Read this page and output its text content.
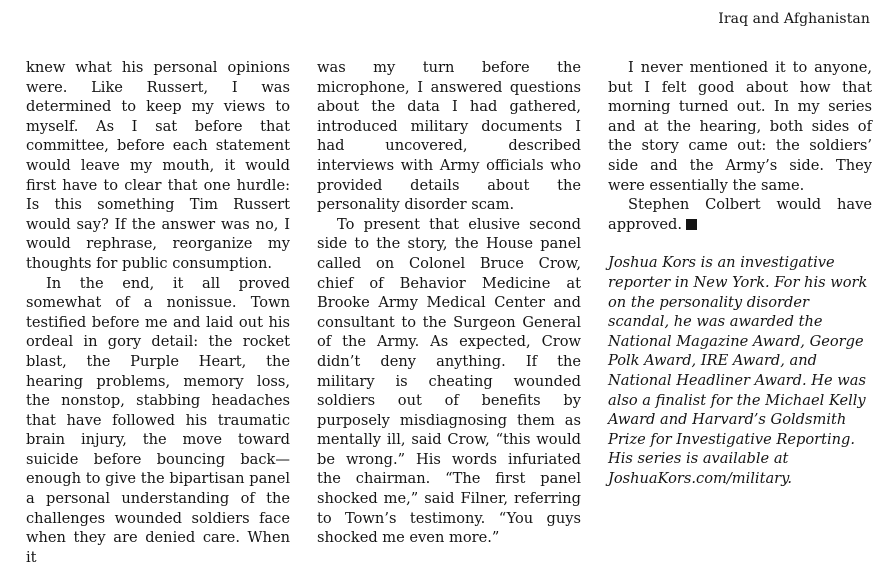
Iraq and Afghanistan

knew what his personal opinions were. Like Russert, I was determined to keep my views to myself. As I sat before that committee, before each statement would leave my mouth, it would first have to clear that one hurdle: Is this something Tim Russert would say? If the answer was no, I would rephrase, reorganize my thoughts for public consumption.

In the end, it all proved somewhat of a nonissue. Town testified before me and laid out his ordeal in gory detail: the rocket blast, the Purple Heart, the hearing problems, memory loss, the nonstop, stabbing headaches that have followed his traumatic brain injury, the move toward suicide before bouncing back—enough to give the bipartisan panel a personal understanding of the challenges wounded soldiers face when they are denied care. When it

was my turn before the microphone, I answered questions about the data I had gathered, introduced military documents I had uncovered, described interviews with Army officials who provided details about the personality disorder scam.

To present that elusive second side to the story, the House panel called on Colonel Bruce Crow, chief of Behavior Medicine at Brooke Army Medical Center and consultant to the Surgeon General of the Army. As expected, Crow didn’t deny anything. If the military is cheating wounded soldiers out of benefits by purposely misdiagnosing them as mentally ill, said Crow, “this would be wrong.” His words infuriated the chairman. “The first panel shocked me,” said Filner, referring to Town’s testimony. “You guys shocked me even more.”

I never mentioned it to anyone, but I felt good about how that morning turned out. In my series and at the hearing, both sides of the story came out: the soldiers’ side and the Army’s side. They were essentially the same.

Stephen Colbert would have approved.

Joshua Kors is an investigative reporter in New York. For his work on the personality disorder scandal, he was awarded the National Magazine Award, George Polk Award, IRE Award, and National Headliner Award. He was also a finalist for the Michael Kelly Award and Harvard’s Goldsmith Prize for Investigative Reporting. His series is available at JoshuaKors.com/military.
